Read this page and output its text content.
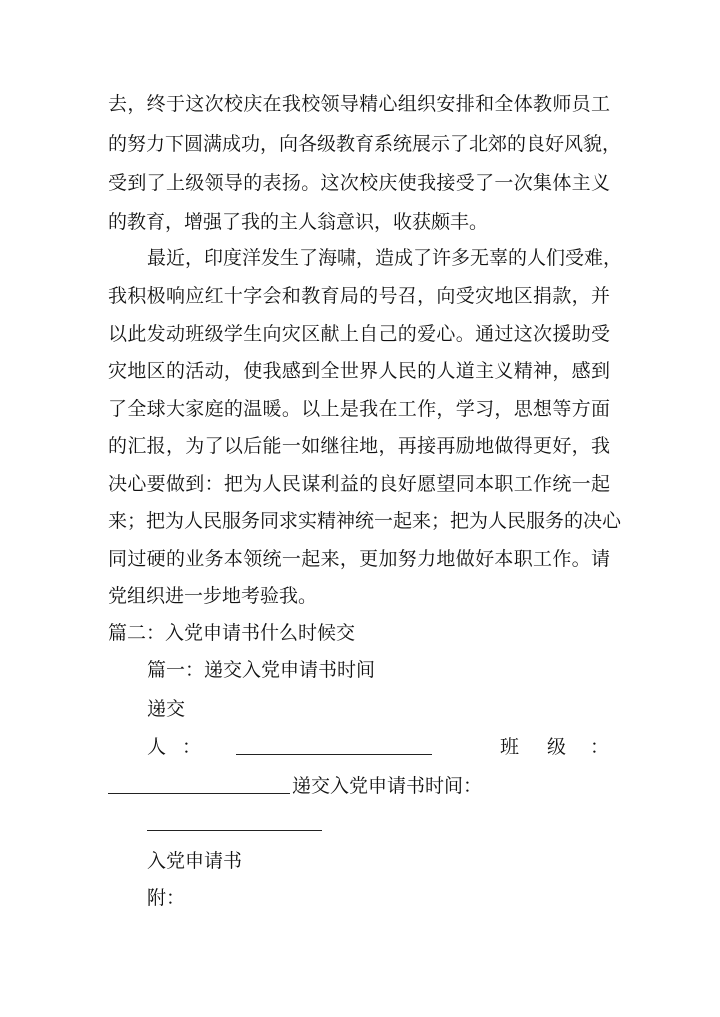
去，终于这次校庆在我校领导精心组织安排和全体教师员工
的努力下圆满成功，向各级教育系统展示了北郊的良好风貌，
受到了上级领导的表扬。这次校庆使我接受了一次集体主义
的教育，增强了我的主人翁意识，收获颇丰。
最近，印度洋发生了海啸，造成了许多无辜的人们受难，
我积极响应红十字会和教育局的号召，向受灾地区捐款，并
以此发动班级学生向灾区献上自己的爱心。通过这次援助受
灾地区的活动，使我感到全世界人民的人道主义精神，感到
了全球大家庭的温暖。以上是我在工作，学习，思想等方面
的汇报，为了以后能一如继往地，再接再励地做得更好，我
决心要做到：把为人民谋利益的良好愿望同本职工作统一起
来；把为人民服务同求实精神统一起来；把为人民服务的决心
同过硬的业务本领统一起来，更加努力地做好本职工作。请
党组织进一步地考验我。
篇二：入党申请书什么时候交
篇一：递交入党申请书时间
递交
人 ：	班 级 ：
递交入党申请书时间：
入党申请书
附：
